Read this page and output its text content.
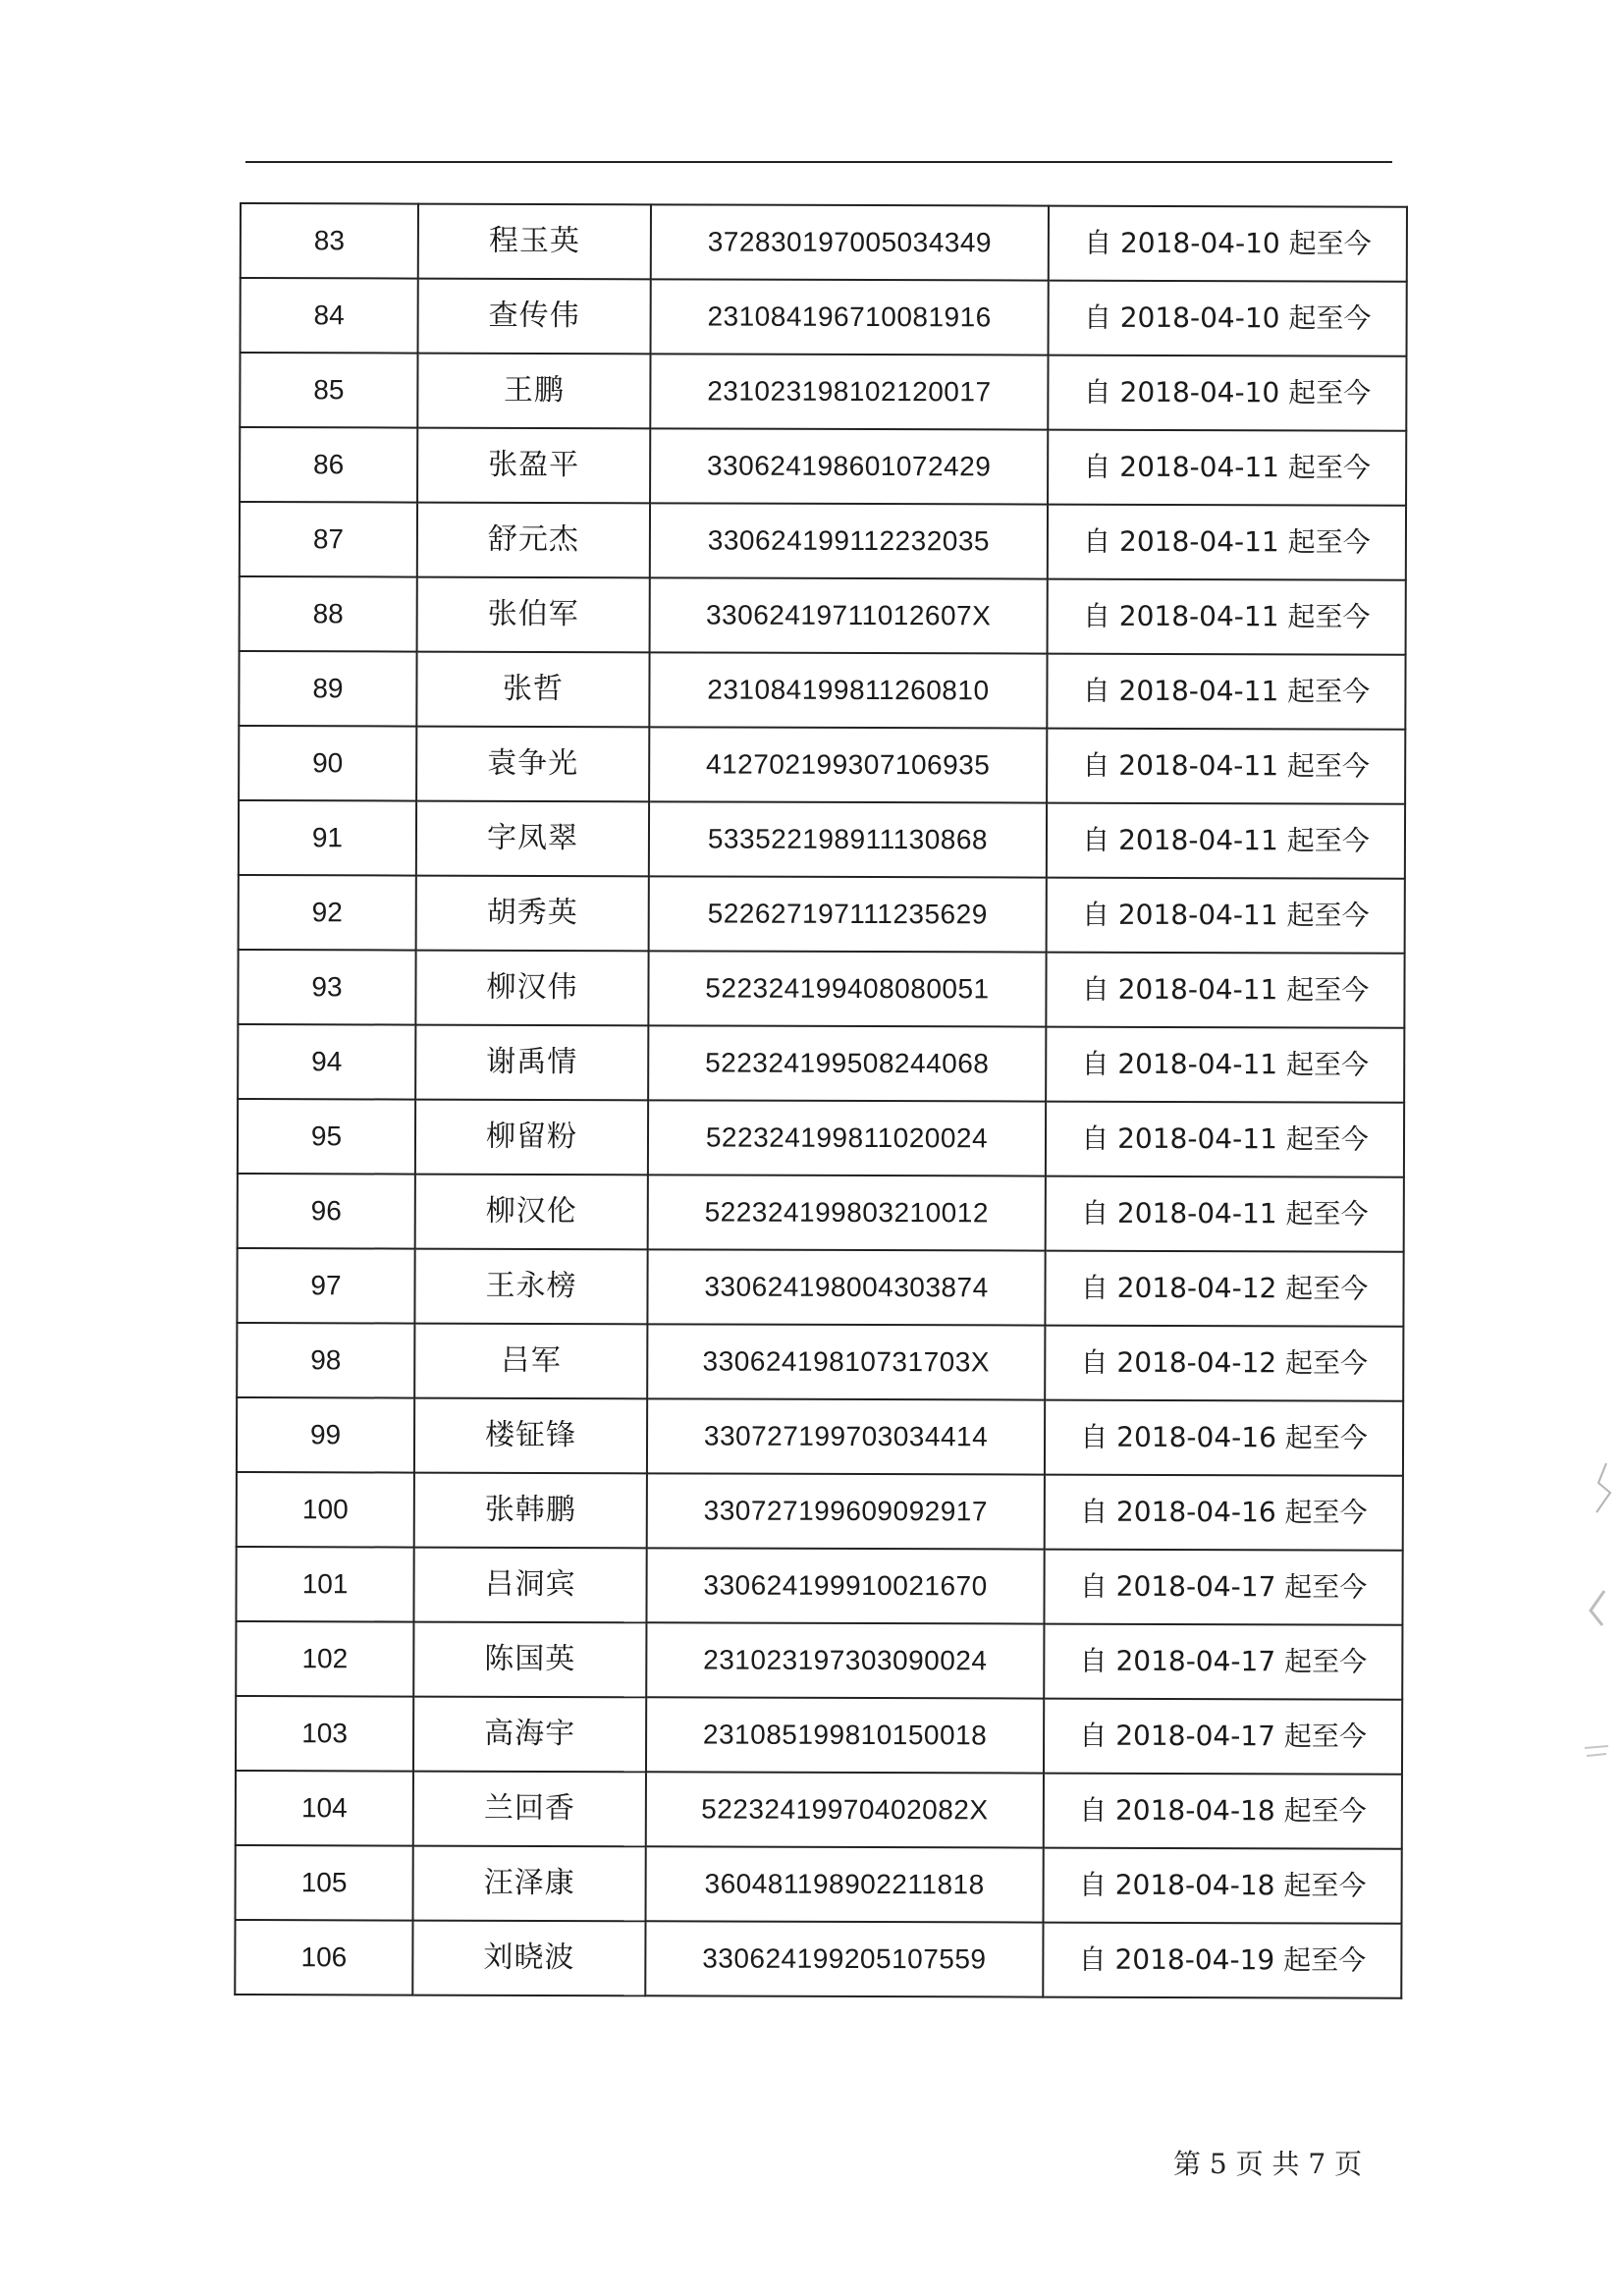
83	程玉英	372830197005034349	自 2018-04-10 起至今
84	查传伟	231084196710081916	自 2018-04-10 起至今
85	王鹏	231023198102120017	自 2018-04-10 起至今
86	张盈平	330624198601072429	自 2018-04-11 起至今
87	舒元杰	330624199112232035	自 2018-04-11 起至今
88	张伯军	33062419711012607X	自 2018-04-11 起至今
89	张哲	231084199811260810	自 2018-04-11 起至今
90	袁争光	412702199307106935	自 2018-04-11 起至今
91	字凤翠	533522198911130868	自 2018-04-11 起至今
92	胡秀英	522627197111235629	自 2018-04-11 起至今
93	柳汉伟	522324199408080051	自 2018-04-11 起至今
94	谢禹情	522324199508244068	自 2018-04-11 起至今
95	柳留粉	522324199811020024	自 2018-04-11 起至今
96	柳汉伦	522324199803210012	自 2018-04-11 起至今
97	王永榜	330624198004303874	自 2018-04-12 起至今
98	吕军	33062419810731703X	自 2018-04-12 起至今
99	楼钲锋	330727199703034414	自 2018-04-16 起至今
100	张韩鹏	330727199609092917	自 2018-04-16 起至今
101	吕洞宾	330624199910021670	自 2018-04-17 起至今
102	陈国英	231023197303090024	自 2018-04-17 起至今
103	高海宇	231085199810150018	自 2018-04-17 起至今
104	兰回香	52232419970402082X	自 2018-04-18 起至今
105	汪泽康	360481198902211818	自 2018-04-18 起至今
106	刘晓波	330624199205107559	自 2018-04-19 起至今
第 5 页 共 7 页
